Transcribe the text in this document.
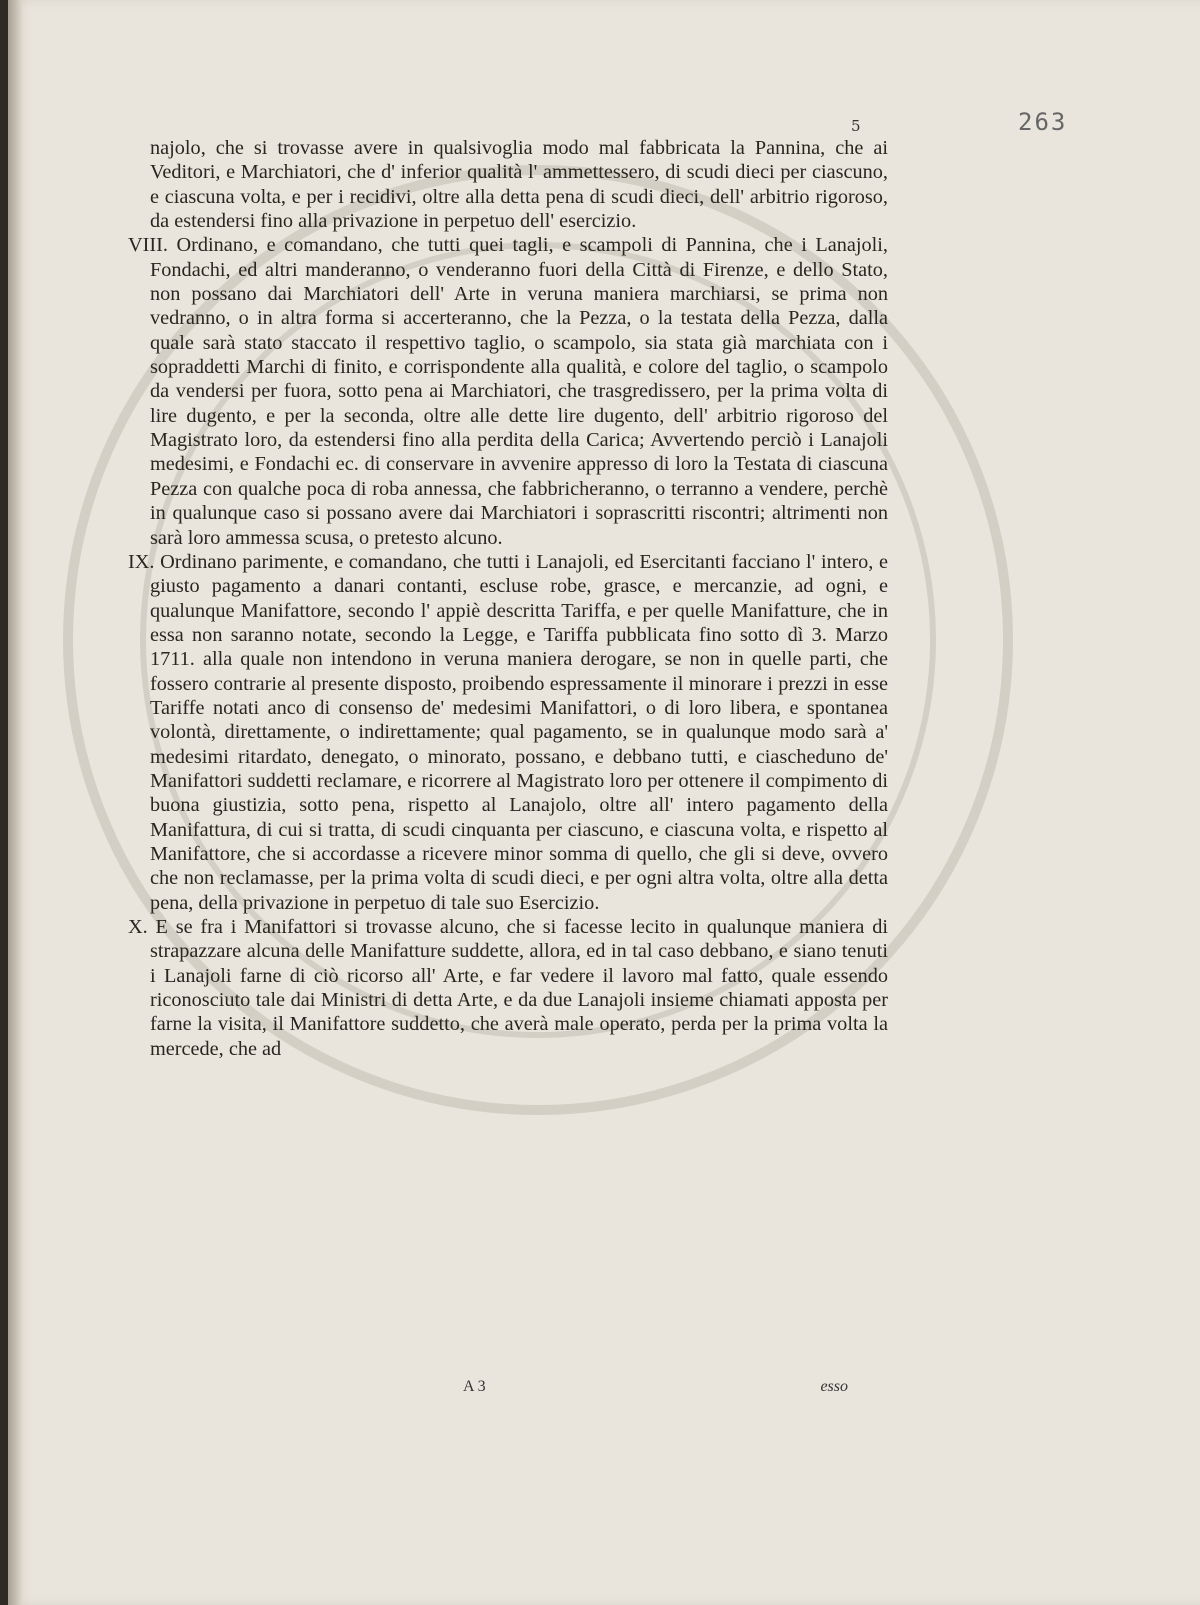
263
5

najolo, che si trovasse avere in qualsivoglia modo mal fabbricata la Pannina, che ai Veditori, e Marchiatori, che d' inferior qualità l' ammettessero, di scudi dieci per ciascuno, e ciascuna volta, e per i recidivi, oltre alla detta pena di scudi dieci, dell' arbitrio rigoroso, da estendersi fino alla privazione in perpetuo dell' esercizio.

VIII. Ordinano, e comandano, che tutti quei tagli, e scampoli di Pannina, che i Lanajoli, Fondachi, ed altri manderanno, o venderanno fuori della Città di Firenze, e dello Stato, non possano dai Marchiatori dell' Arte in veruna maniera marchiarsi, se prima non vedranno, o in altra forma si accerteranno, che la Pezza, o la testata della Pezza, dalla quale sarà stato staccato il respettivo taglio, o scampolo, sia stata già marchiata con i sopraddetti Marchi di finito, e corrispondente alla qualità, e colore del taglio, o scampolo da vendersi per fuora, sotto pena ai Marchiatori, che trasgredissero, per la prima volta di lire dugento, e per la seconda, oltre alle dette lire dugento, dell' arbitrio rigoroso del Magistrato loro, da estendersi fino alla perdita della Carica; Avvertendo perciò i Lanajoli medesimi, e Fondachi ec. di conservare in avvenire appresso di loro la Testata di ciascuna Pezza con qualche poca di roba annessa, che fabbricheranno, o terranno a vendere, perchè in qualunque caso si possano avere dai Marchiatori i soprascritti riscontri; altrimenti non sarà loro ammessa scusa, o pretesto alcuno.

IX. Ordinano parimente, e comandano, che tutti i Lanajoli, ed Esercitanti facciano l' intero, e giusto pagamento a danari contanti, escluse robe, grasce, e mercanzie, ad ogni, e qualunque Manifattore, secondo l' appiè descritta Tariffa, e per quelle Manifatture, che in essa non saranno notate, secondo la Legge, e Tariffa pubblicata fino sotto dì 3. Marzo 1711. alla quale non intendono in veruna maniera derogare, se non in quelle parti, che fossero contrarie al presente disposto, proibendo espressamente il minorare i prezzi in esse Tariffe notati anco di consenso de' medesimi Manifattori, o di loro libera, e spontanea volontà, direttamente, o indirettamente; qual pagamento, se in qualunque modo sarà a' medesimi ritardato, denegato, o minorato, possano, e debbano tutti, e ciascheduno de' Manifattori suddetti reclamare, e ricorrere al Magistrato loro per ottenere il compimento di buona giustizia, sotto pena, rispetto al Lanajolo, oltre all' intero pagamento della Manifattura, di cui si tratta, di scudi cinquanta per ciascuno, e ciascuna volta, e rispetto al Manifattore, che si accordasse a ricevere minor somma di quello, che gli si deve, ovvero che non reclamasse, per la prima volta di scudi dieci, e per ogni altra volta, oltre alla detta pena, della privazione in perpetuo di tale suo Esercizio.

X. E se fra i Manifattori si trovasse alcuno, che si facesse lecito in qualunque maniera di strapazzare alcuna delle Manifatture suddette, allora, ed in tal caso debbano, e siano tenuti i Lanajoli farne di ciò ricorso all' Arte, e far vedere il lavoro mal fatto, quale essendo riconosciuto tale dai Ministri di detta Arte, e da due Lanajoli insieme chiamati apposta per farne la visita, il Manifattore suddetto, che averà male operato, perda per la prima volta la mercede, che ad

A 3	esso
